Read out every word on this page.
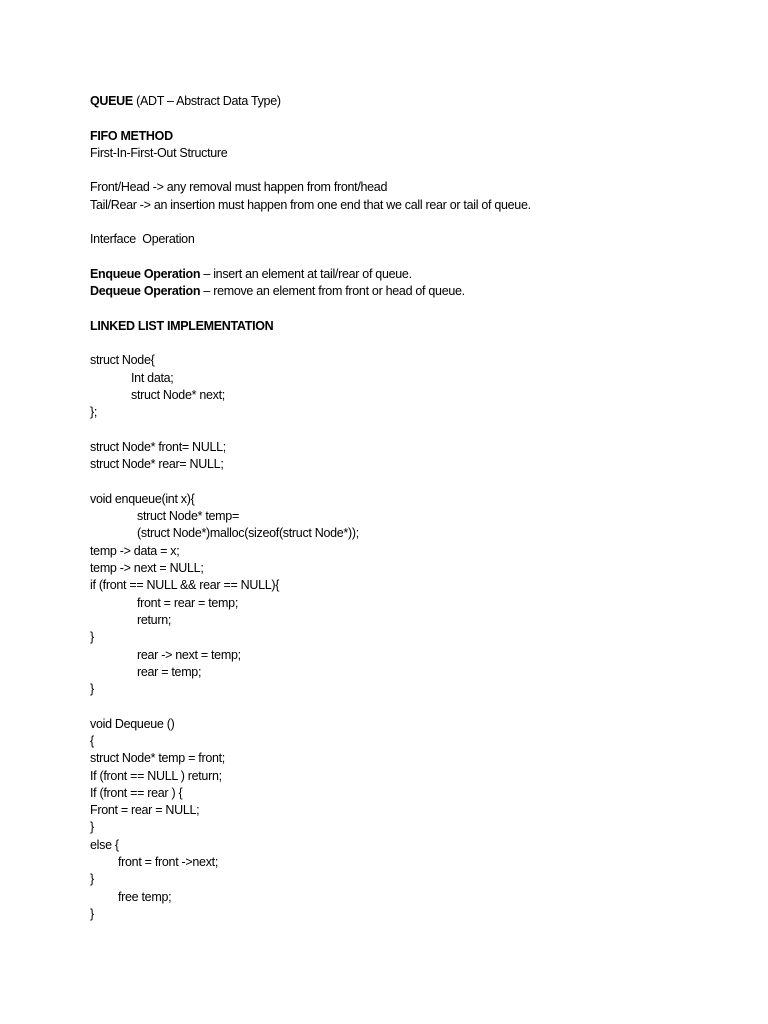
QUEUE (ADT – Abstract Data Type)
FIFO METHOD
First-In-First-Out Structure
Front/Head -> any removal must happen from front/head
Tail/Rear -> an insertion must happen from one end that we call rear or tail of queue.
Interface  Operation
Enqueue Operation – insert an element at tail/rear of queue.
Dequeue Operation – remove an element from front or head of queue.
LINKED LIST IMPLEMENTATION
struct Node{
Int data;
struct Node* next;
};
struct Node* front= NULL;
struct Node* rear= NULL;
void enqueue(int x){
struct Node* temp=
(struct Node*)malloc(sizeof(struct Node*));
temp -> data = x;
temp -> next = NULL;
if (front == NULL && rear == NULL){
front = rear = temp;
return;
}
rear -> next = temp;
rear = temp;
}
void Dequeue ()
{
struct Node* temp = front;
If (front == NULL ) return;
If (front == rear ) {
Front = rear = NULL;
}
else {
front = front ->next;
}
free temp;
}
